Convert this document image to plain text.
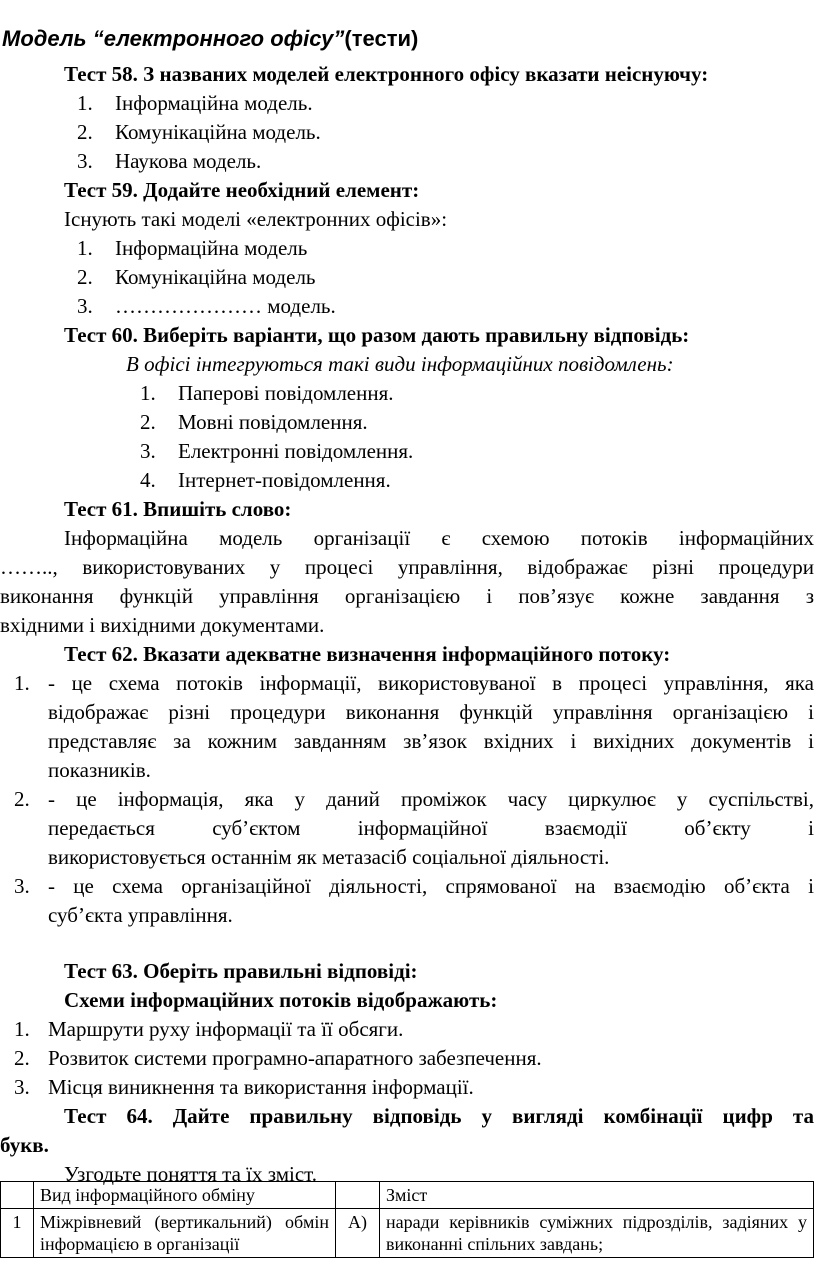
Модель “електронного офісу”(тести)
Тест 58. З названих моделей електронного офісу вказати неіснуючу:
1. Інформаційна модель.
2. Комунікаційна модель.
3. Наукова модель.
Тест 59. Додайте необхідний елемент:
Існують такі моделі «електронних офісів»:
1. Інформаційна модель
2. Комунікаційна модель
3. ………………… модель.
Тест 60. Виберіть варіанти, що разом дають правильну відповідь:
В офісі інтегруються такі види інформаційних повідомлень:
1. Паперові повідомлення.
2. Мовні повідомлення.
3. Електронні повідомлення.
4. Інтернет-повідомлення.
Тест 61. Впишіть слово:
Інформаційна модель організації є схемою потоків інформаційних
…….., використовуваних у процесі управління, відображає різні процедури
виконання функцій управління організацією і пов’язує кожне завдання з
вхідними і вихідними документами.
Тест 62. Вказати адекватне визначення інформаційного потоку:
1. - це схема потоків інформації, використовуваної в процесі управління, яка
відображає різні процедури виконання функцій управління організацією і
представляє за кожним завданням зв’язок вхідних і вихідних документів і
показників.
2. - це інформація, яка у даний проміжок часу циркулює у суспільстві,
передається суб’єктом інформаційної взаємодії об’єкту і
використовується останнім як метазасіб соціальної діяльності.
3. - це схема організаційної діяльності, спрямованої на взаємодію об’єкта і
суб’єкта управління.
Тест 63. Оберіть правильні відповіді:
Схеми інформаційних потоків відображають:
1. Маршрути руху інформації та її обсяги.
2. Розвиток системи програмно-апаратного забезпечення.
3. Місця виникнення та використання інформації.
Тест 64. Дайте правильну відповідь у вигляді комбінації цифр та
букв.
Узгодьте поняття та їх зміст.
	Вид інформаційного обміну		Зміст
1	Міжрівневий (вертикальний) обмін інформацією в організації	А)	наради керівників суміжних підрозділів, задіяних у виконанні спільних завдань;
